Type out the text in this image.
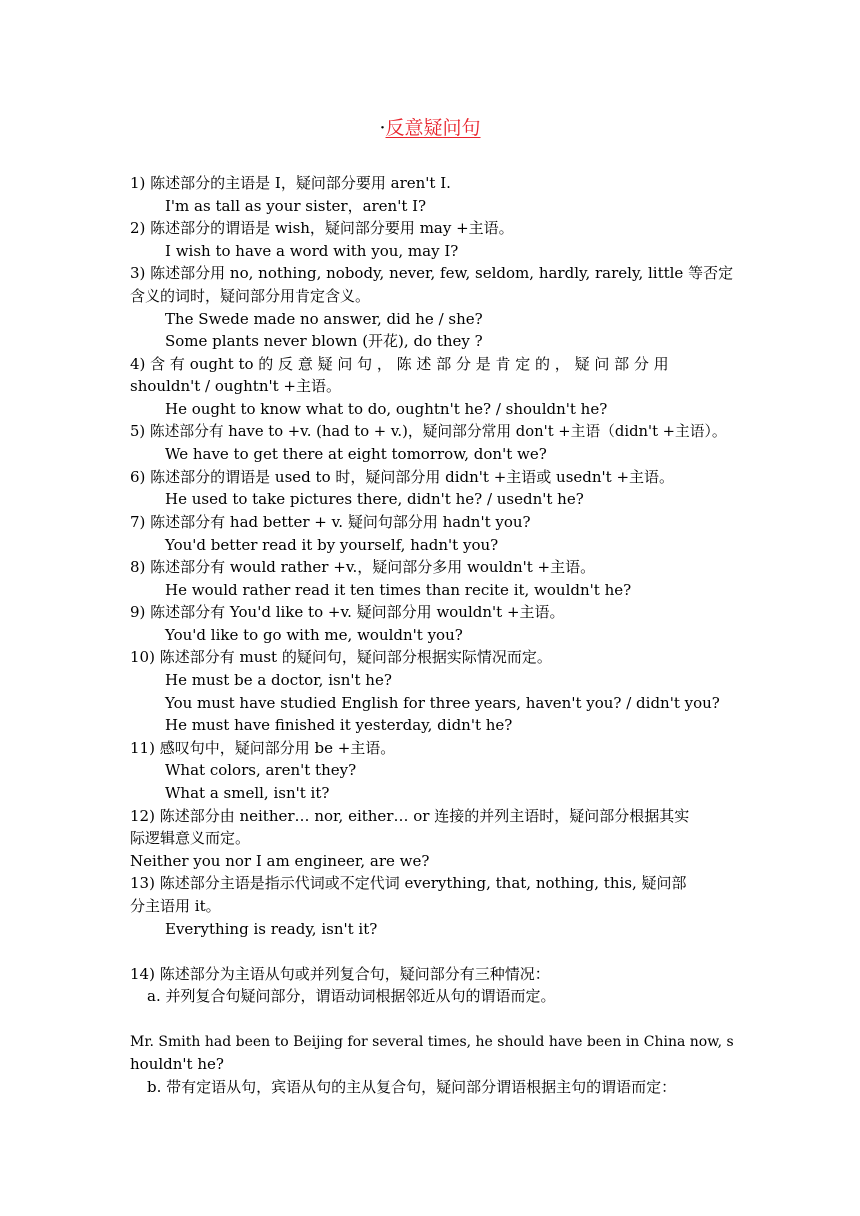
·反意疑问句
1) 陈述部分的主语是 I，疑问部分要用 aren't I.
I'm as tall as your sister，aren't I?
2) 陈述部分的谓语是 wish，疑问部分要用 may +主语。
I wish to have a word with you, may I?
3) 陈述部分用 no, nothing, nobody, never, few, seldom, hardly, rarely, little 等否定
含义的词时，疑问部分用肯定含义。
The Swede made no answer, did he / she?
Some plants never blown (开花), do they ?
4) 含 有 ought to 的 反 意 疑 问 句 ， 陈 述 部 分 是 肯 定 的 ， 疑 问 部 分 用
shouldn't / oughtn't +主语。
He ought to know what to do, oughtn't he? / shouldn't he?
5) 陈述部分有 have to +v. (had to + v.)，疑问部分常用 don't +主语（didn't +主语）。
We have to get there at eight tomorrow, don't we?
6) 陈述部分的谓语是 used to 时，疑问部分用 didn't +主语或 usedn't +主语。
He used to take pictures there, didn't he? / usedn't he?
7) 陈述部分有 had better + v. 疑问句部分用 hadn't you?
You'd better read it by yourself, hadn't you?
8) 陈述部分有 would rather +v.，疑问部分多用 wouldn't +主语。
He would rather read it ten times than recite it, wouldn't he?
9) 陈述部分有 You'd like to +v. 疑问部分用 wouldn't +主语。
You'd like to go with me, wouldn't you?
10) 陈述部分有 must 的疑问句，疑问部分根据实际情况而定。
He must be a doctor, isn't he?
You must have studied English for three years, haven't you? / didn't you?
He must have finished it yesterday, didn't he?
11) 感叹句中，疑问部分用 be +主语。
What colors, aren't they?
What a smell, isn't it?
12) 陈述部分由 neither… nor, either… or 连接的并列主语时，疑问部分根据其实
际逻辑意义而定。
Neither you nor I am engineer, are we?
13) 陈述部分主语是指示代词或不定代词 everything, that, nothing, this, 疑问部
分主语用 it。
Everything is ready, isn't it?
14) 陈述部分为主语从句或并列复合句，疑问部分有三种情况：
a. 并列复合句疑问部分，谓语动词根据邻近从句的谓语而定。
Mr. Smith had been to Beijing for several times, he should have been in China now, s
houldn't he?
b. 带有定语从句，宾语从句的主从复合句，疑问部分谓语根据主句的谓语而定：
